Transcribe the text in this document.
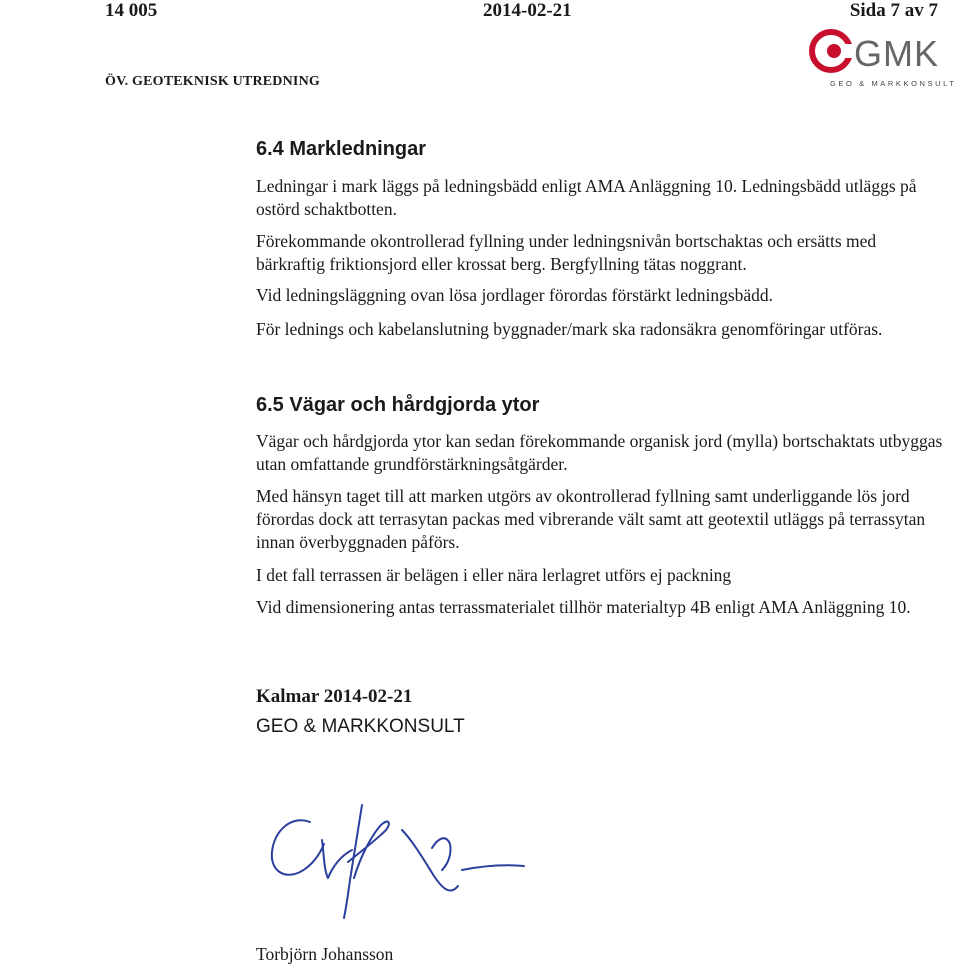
14 005	2014-02-21	Sida 7 av 7
ÖV. GEOTEKNISK UTREDNING
GMK
GEO & MARKKONSULT
6.4 Markledningar
Ledningar i mark läggs på ledningsbädd enligt AMA Anläggning 10. Ledningsbädd utläggs på ostörd schaktbotten.
Förekommande okontrollerad fyllning under ledningsnivån bortschaktas och ersätts med bärkraftig friktionsjord eller krossat berg. Bergfyllning tätas noggrant.
Vid ledningsläggning ovan lösa jordlager förordas förstärkt ledningsbädd.
För lednings och kabelanslutning byggnader/mark ska radonsäkra genomföringar utföras.
6.5 Vägar och hårdgjorda ytor
Vägar och hårdgjorda ytor kan sedan förekommande organisk jord (mylla) bortschaktats utbyggas utan omfattande grundförstärkningsåtgärder.
Med hänsyn taget till att marken utgörs av okontrollerad fyllning samt underliggande lös jord förordas dock att terrasytan packas med vibrerande vält samt att geotextil utläggs på terrassytan innan överbyggnaden påförs.
I det fall terrassen är belägen i eller nära lerlagret utförs ej packning
Vid dimensionering antas terrassmaterialet tillhör materialtyp 4B enligt AMA Anläggning 10.
Kalmar 2014-02-21
GEO & MARKKONSULT
Torbjörn Johansson
